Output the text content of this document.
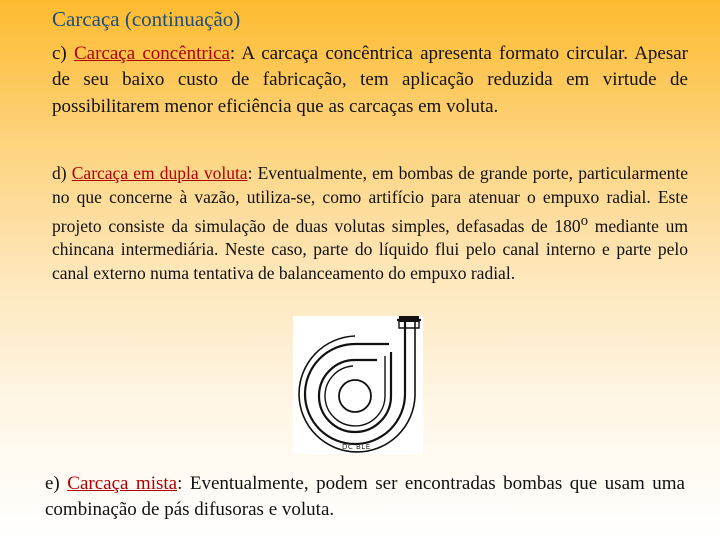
Carcaça (continuação)

c) Carcaça concêntrica: A carcaça concêntrica apresenta formato circular. Apesar de seu baixo custo de fabricação, tem aplicação reduzida em virtude de possibilitarem menor eficiência que as carcaças em voluta.

d) Carcaça em dupla voluta: Eventualmente, em bombas de grande porte, particularmente no que concerne à vazão, utiliza-se, como artifício para atenuar o empuxo radial. Este projeto consiste da simulação de duas volutas simples, defasadas de 180$^o$ mediante um chincana intermediária. Neste caso, parte do líquido flui pelo canal interno e parte pelo canal externo numa tentativa de balanceamento do empuxo radial.

DC BLE

e) Carcaça mista: Eventualmente, podem ser encontradas bombas que usam uma combinação de pás difusoras e voluta.
